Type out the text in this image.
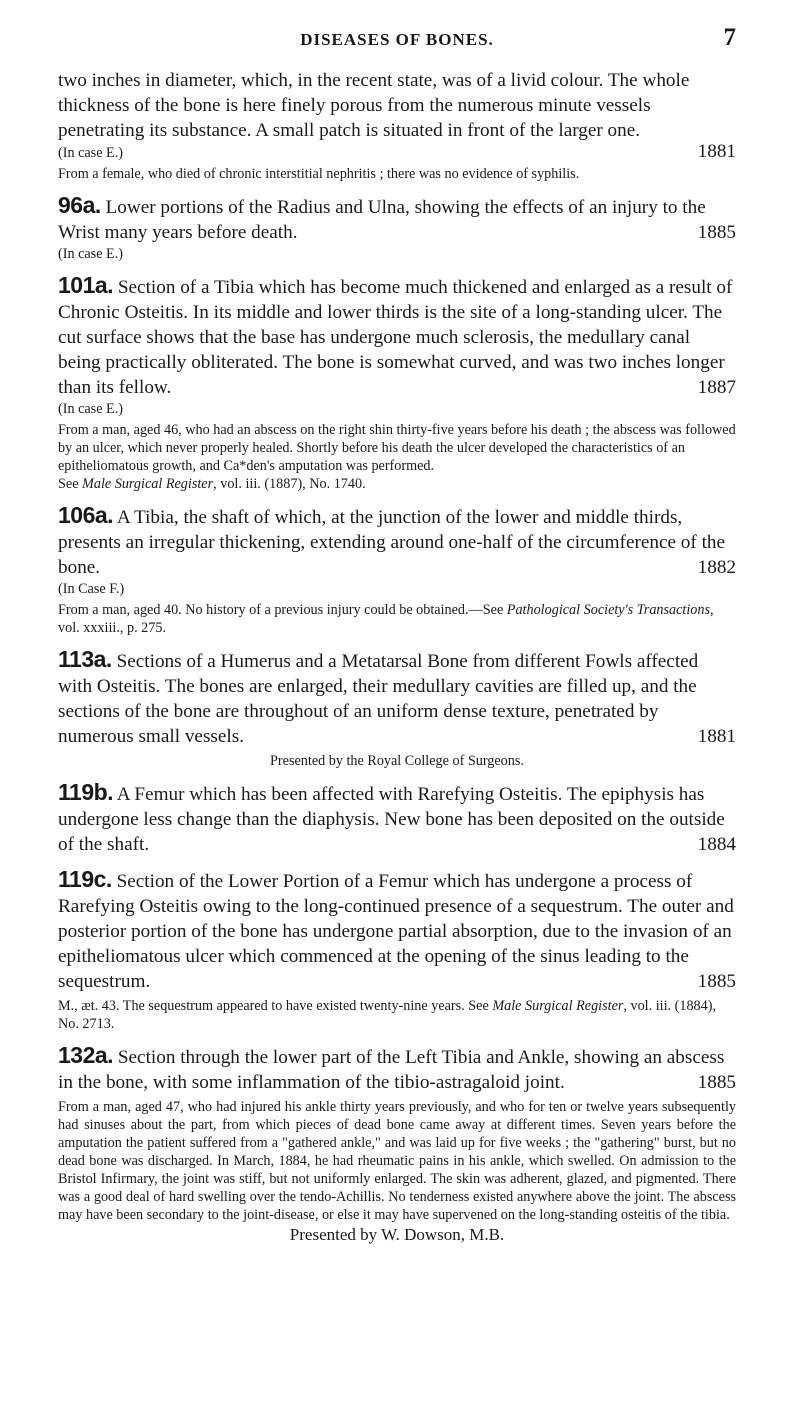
DISEASES OF BONES.	7

two inches in diameter, which, in the recent state, was of a livid colour. The whole thickness of the bone is here finely porous from the numerous minute vessels penetrating its substance. A small patch is situated in front of the larger one.

(In case E.)	1881

From a female, who died of chronic interstitial nephritis ; there was no evidence of syphilis.

96a. Lower portions of the Radius and Ulna, showing the effects of an injury to the Wrist many years before death.	1885

(In case E.)

101a. Section of a Tibia which has become much thickened and enlarged as a result of Chronic Osteitis. In its middle and lower thirds is the site of a long-standing ulcer. The cut surface shows that the base has undergone much sclerosis, the medullary canal being practically obliterated. The bone is somewhat curved, and was two inches longer than its fellow.	1887

(In case E.)

From a man, aged 46, who had an abscess on the right shin thirty-five years before his death ; the abscess was followed by an ulcer, which never properly healed. Shortly before his death the ulcer developed the characteristics of an epitheliomatous growth, and Ca*den's amputation was performed.

See Male Surgical Register, vol. iii. (1887), No. 1740.

106a. A Tibia, the shaft of which, at the junction of the lower and middle thirds, presents an irregular thickening, extending around one-half of the circumference of the bone.	1882

(In Case F.)

From a man, aged 40. No history of a previous injury could be obtained.—See Pathological Society's Transactions, vol. xxxiii., p. 275.

113a. Sections of a Humerus and a Metatarsal Bone from different Fowls affected with Osteitis. The bones are enlarged, their medullary cavities are filled up, and the sections of the bone are throughout of an uniform dense texture, penetrated by numerous small vessels.	1881

Presented by the Royal College of Surgeons.

119b. A Femur which has been affected with Rarefying Osteitis. The epiphysis has undergone less change than the diaphysis. New bone has been deposited on the outside of the shaft.	1884

119c. Section of the Lower Portion of a Femur which has undergone a process of Rarefying Osteitis owing to the long-continued presence of a sequestrum. The outer and posterior portion of the bone has undergone partial absorption, due to the invasion of an epitheliomatous ulcer which commenced at the opening of the sinus leading to the sequestrum.	1885

M., æt. 43. The sequestrum appeared to have existed twenty-nine years. See Male Surgical Register, vol. iii. (1884), No. 2713.

132a. Section through the lower part of the Left Tibia and Ankle, showing an abscess in the bone, with some inflammation of the tibio-astragaloid joint.	1885

From a man, aged 47, who had injured his ankle thirty years previously, and who for ten or twelve years subsequently had sinuses about the part, from which pieces of dead bone came away at different times. Seven years before the amputation the patient suffered from a "gathered ankle," and was laid up for five weeks ; the "gathering" burst, but no dead bone was discharged. In March, 1884, he had rheumatic pains in his ankle, which swelled. On admission to the Bristol Infirmary, the joint was stiff, but not uniformly enlarged. The skin was adherent, glazed, and pigmented. There was a good deal of hard swelling over the tendo-Achillis. No tenderness existed anywhere above the joint. The abscess may have been secondary to the joint-disease, or else it may have supervened on the long-standing osteitis of the tibia.

Presented by W. Dowson, M.B.
